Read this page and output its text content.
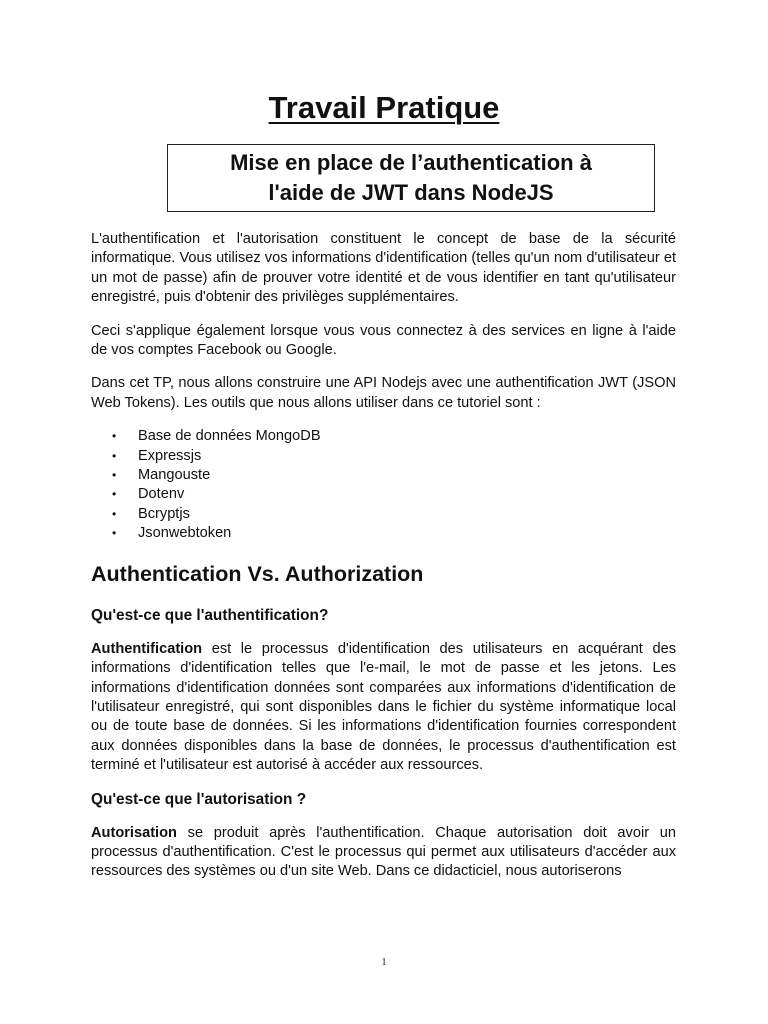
Travail Pratique
Mise en place de l’authentication à
l'aide de JWT dans NodeJS

L'authentification et l'autorisation constituent le concept de base de la sécurité informatique. Vous utilisez vos informations d'identification (telles qu'un nom d'utilisateur et un mot de passe) afin de prouver votre identité et de vous identifier en tant qu'utilisateur enregistré, puis d'obtenir des privilèges supplémentaires.

Ceci s'applique également lorsque vous vous connectez à des services en ligne à l'aide de vos comptes Facebook ou Google.

Dans cet TP, nous allons construire une API Nodejs avec une authentification JWT (JSON Web Tokens). Les outils que nous allons utiliser dans ce tutoriel sont :

• Base de données MongoDB
• Expressjs
• Mangouste
• Dotenv
• Bcryptjs
• Jsonwebtoken
Authentication Vs. Authorization
Qu'est-ce que l'authentification?

Authentification est le processus d'identification des utilisateurs en acquérant des informations d'identification telles que l'e-mail, le mot de passe et les jetons. Les informations d'identification données sont comparées aux informations d'identification de l'utilisateur enregistré, qui sont disponibles dans le fichier du système informatique local ou de toute base de données. Si les informations d'identification fournies correspondent aux données disponibles dans la base de données, le processus d'authentification est terminé et l'utilisateur est autorisé à accéder aux ressources.

Qu'est-ce que l'autorisation ?

Autorisation se produit après l'authentification. Chaque autorisation doit avoir un processus d'authentification. C'est le processus qui permet aux utilisateurs d'accéder aux ressources des systèmes ou d'un site Web. Dans ce didacticiel, nous autoriserons

1
